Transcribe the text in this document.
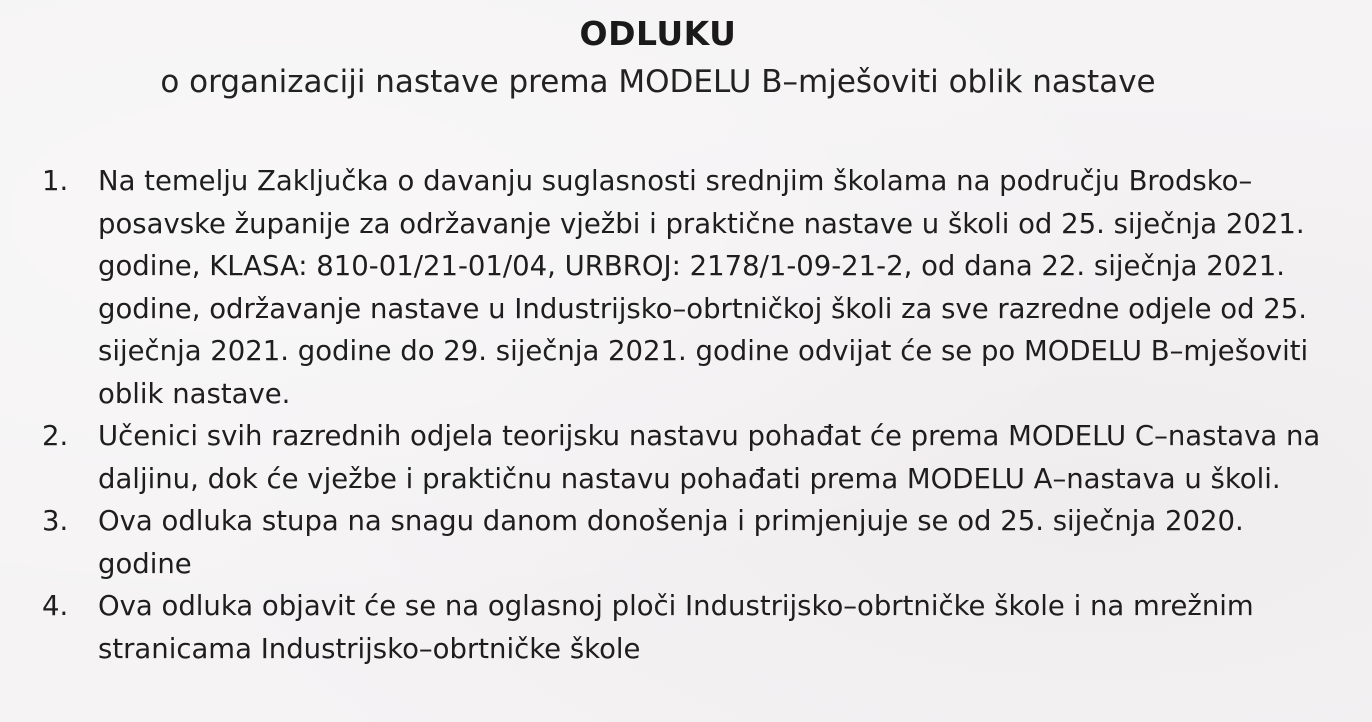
ODLUKU
o organizaciji nastave prema MODELU B–mješoviti oblik nastave
1. Na temelju Zaključka o davanju suglasnosti srednjim školama na području Brodsko–posavske županije za održavanje vježbi i praktične nastave u školi od 25. siječnja 2021. godine, KLASA: 810-01/21-01/04, URBROJ: 2178/1-09-21-2, od dana 22. siječnja 2021. godine, održavanje nastave u Industrijsko–obrtničkoj školi za sve razredne odjele od 25. siječnja 2021. godine do 29. siječnja 2021. godine odvijat će se po MODELU B–mješoviti oblik nastave.
2. Učenici svih razrednih odjela teorijsku nastavu pohađat će prema MODELU C–nastava na daljinu, dok će vježbe i praktičnu nastavu pohađati prema MODELU A–nastava u školi.
3. Ova odluka stupa na snagu danom donošenja i primjenjuje se od 25. siječnja 2020. godine
4. Ova odluka objavit će se na oglasnoj ploči Industrijsko–obrtničke škole i na mrežnim stranicama Industrijsko–obrtničke škole
